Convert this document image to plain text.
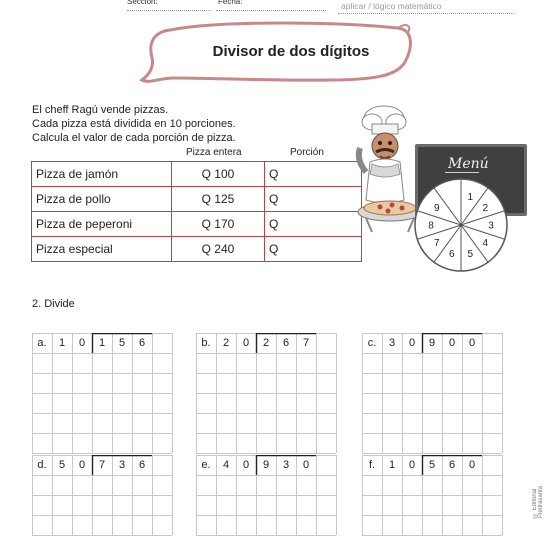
Sección:	Fecha:	aplicar / lógico matemático
Divisor de dos dígitos
El cheff Ragú vende pizzas.
Cada pizza está dividida en 10 porciones.
Calcula el valor de cada porción de pizza.
Pizza entera	Porción
Pizza de jamón	Q 100	Q
Pizza de pollo	Q 125	Q
Pizza de peperoni	Q 170	Q
Pizza especial	Q 240	Q
Menú
1
2
3
4
5
6
7
8
9
2. Divide
a.	1	0	1	5	6	b.	2	0	2	6	7	c.	3	0	9	0	0
d.	5	0	7	3	6	e.	4	0	9	3	0	f.	1	0	5	6	0
© Editorial Piedrasanta
